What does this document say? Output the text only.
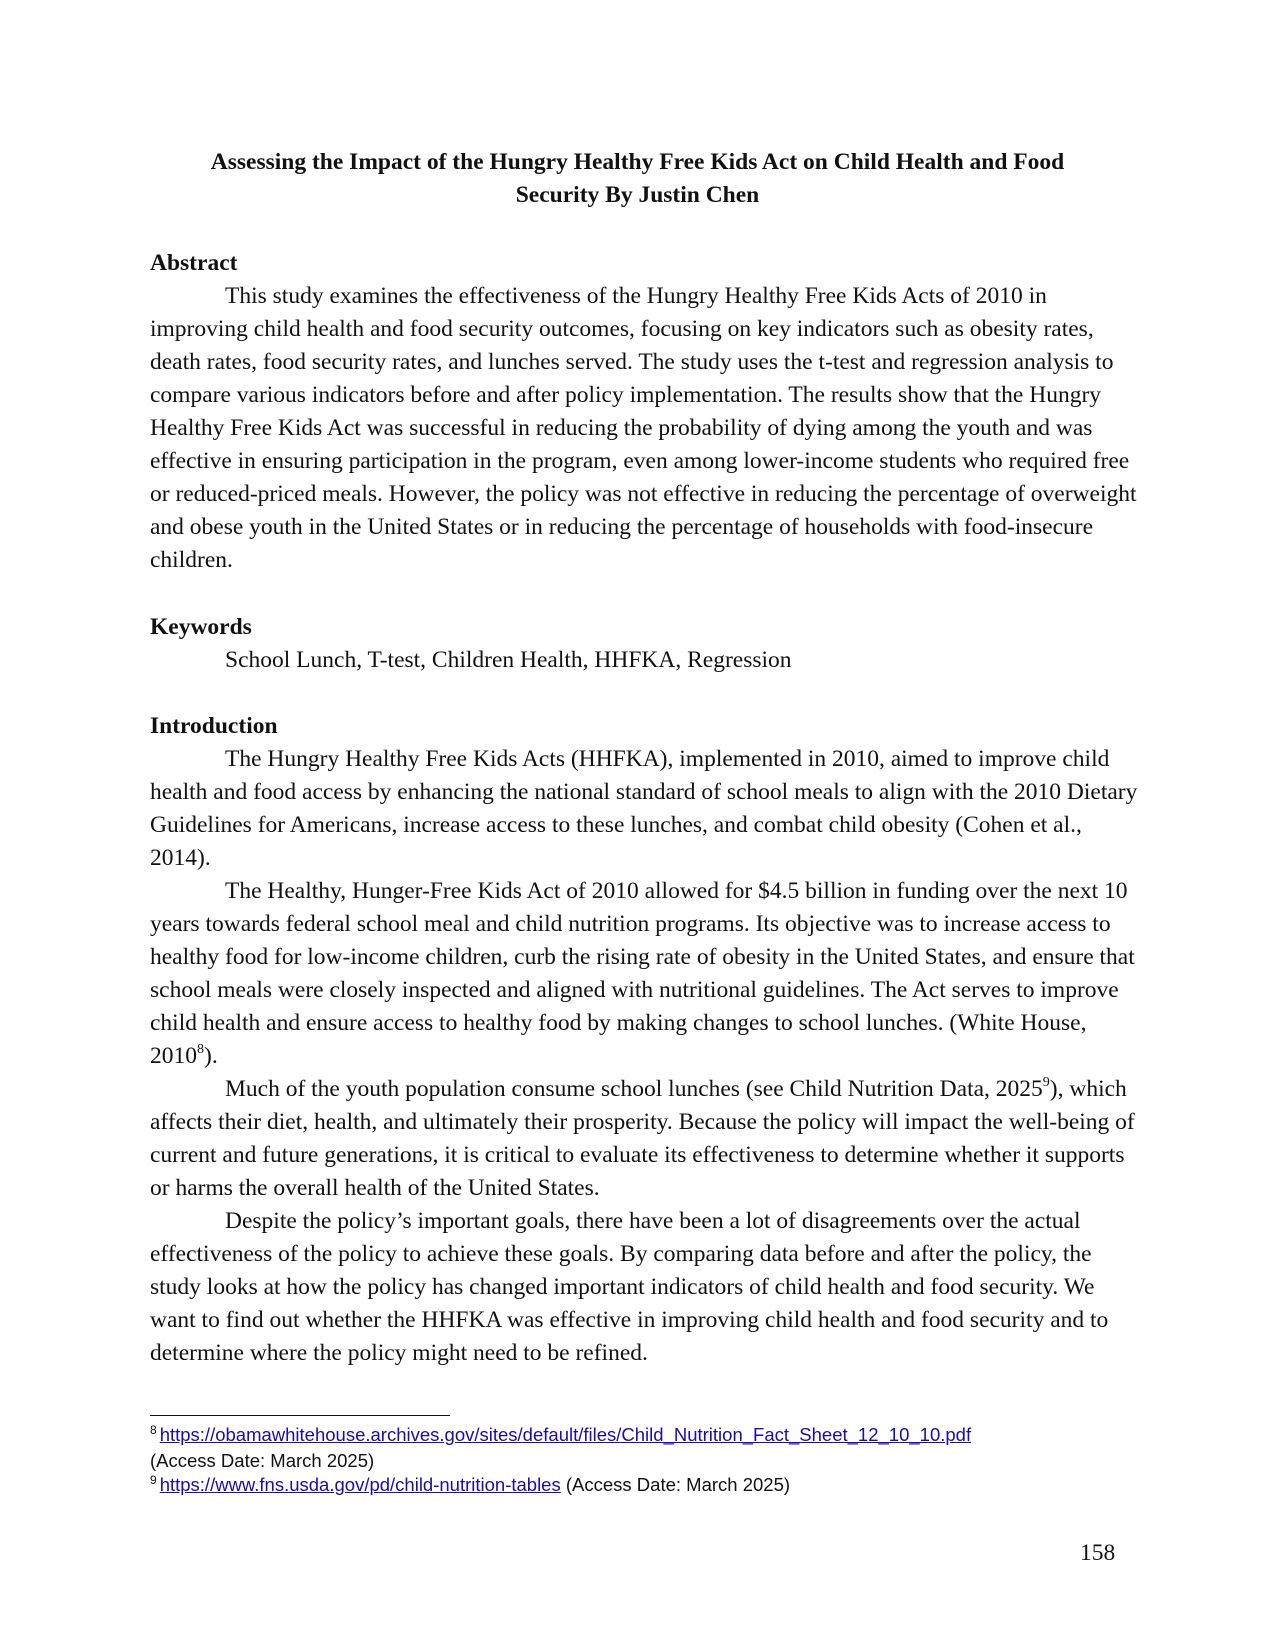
Assessing the Impact of the Hungry Healthy Free Kids Act on Child Health and Food
Security By Justin Chen
Abstract

This study examines the effectiveness of the Hungry Healthy Free Kids Acts of 2010 in improving child health and food security outcomes, focusing on key indicators such as obesity rates, death rates, food security rates, and lunches served. The study uses the t-test and regression analysis to compare various indicators before and after policy implementation. The results show that the Hungry Healthy Free Kids Act was successful in reducing the probability of dying among the youth and was effective in ensuring participation in the program, even among lower-income students who required free or reduced-priced meals. However, the policy was not effective in reducing the percentage of overweight and obese youth in the United States or in reducing the percentage of households with food-insecure children.

Keywords
School Lunch, T-test, Children Health, HHFKA, Regression
Introduction

The Hungry Healthy Free Kids Acts (HHFKA), implemented in 2010, aimed to improve child health and food access by enhancing the national standard of school meals to align with the 2010 Dietary Guidelines for Americans, increase access to these lunches, and combat child obesity (Cohen et al., 2014).

The Healthy, Hunger-Free Kids Act of 2010 allowed for $4.5 billion in funding over the next 10 years towards federal school meal and child nutrition programs. Its objective was to increase access to healthy food for low-income children, curb the rising rate of obesity in the United States, and ensure that school meals were closely inspected and aligned with nutritional guidelines. The Act serves to improve child health and ensure access to healthy food by making changes to school lunches. (White House, 2010$^8$).

Much of the youth population consume school lunches (see Child Nutrition Data, 2025$^9$), which affects their diet, health, and ultimately their prosperity. Because the policy will impact the well-being of current and future generations, it is critical to evaluate its effectiveness to determine whether it supports or harms the overall health of the United States.

Despite the policy’s important goals, there have been a lot of disagreements over the actual effectiveness of the policy to achieve these goals. By comparing data before and after the policy, the study looks at how the policy has changed important indicators of child health and food security. We want to find out whether the HHFKA was effective in improving child health and food security and to determine where the policy might need to be refined.

$^8$ https://obamawhitehouse.archives.gov/sites/default/files/Child_Nutrition_Fact_Sheet_12_10_10.pdf
(Access Date: March 2025)
$^9$ https://www.fns.usda.gov/pd/child-nutrition-tables (Access Date: March 2025)
158
